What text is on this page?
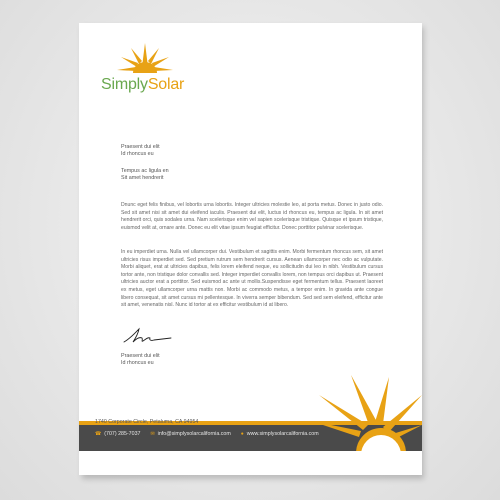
SimplySolar
Praesent dui elit
Id rhoncus eu
Tempus ac ligula en
Sit amet hendrerit
Dnunc eget felis finibus, vel lobortis urna lobortis. Integer ultricies molestie leo, at porta metus. Donec in justo odio. Sed sit amet nisi sit amet dui eleifend iaculis. Praesent dui elit, luctus id rhoncus eu, tempus ac ligula. In sit amet hendrerit orci, quis sodales urna. Nam scelerisque enim vel sapien scelerisque tristique. Quisque et ipsum tristique, euismod velit at, ornare ante. Donec eu elit vitae ipsum feugiat efficitur. Donec porttitor pulvinar scelerisque.
In eu imperdiet urna. Nulla vel ullamcorper dui. Vestibulum et sagittis enim. Morbi fermentum rhoncus sem, sit amet ultricies risus imperdiet sed. Sed pretium rutrum sem hendrerit cursus. Aenean ullamcorper nec odio ac vulputate. Morbi aliquet, erat at ultricies dapibus, felis lorem eleifend neque, eu sollicitudin dui leo in nibh. Vestibulum cursus tortor ante, non tristique dolor convallis sed. Integer imperdiet convallis lorem, non tempus orci dapibus ut. Praesent ultricies auctor erat a porttitor. Sed euismod ac ante ut mollis.Suspendisse eget fermentum tellus. Praesent laoreet ex metus, eget ullamcorper urna mattis non. Morbi ac commodo metus, a tempor enim. In gravida ante congue libero consequat, sit amet cursus mi pellentesque. In viverra semper bibendum. Sed sed sem eleifend, efficitur ante sit amet, venenatis nisl. Nunc id tortor at ex efficitur vestibulum id at libero.
Praesent dui elit
Id rhoncus eu
1740 Corporate Circle, Petaluma, CA 94954
☎ (707) 285-7037 ✉ info@simplysolarcalifornia.com ● www.simplysolarcalifornia.com
